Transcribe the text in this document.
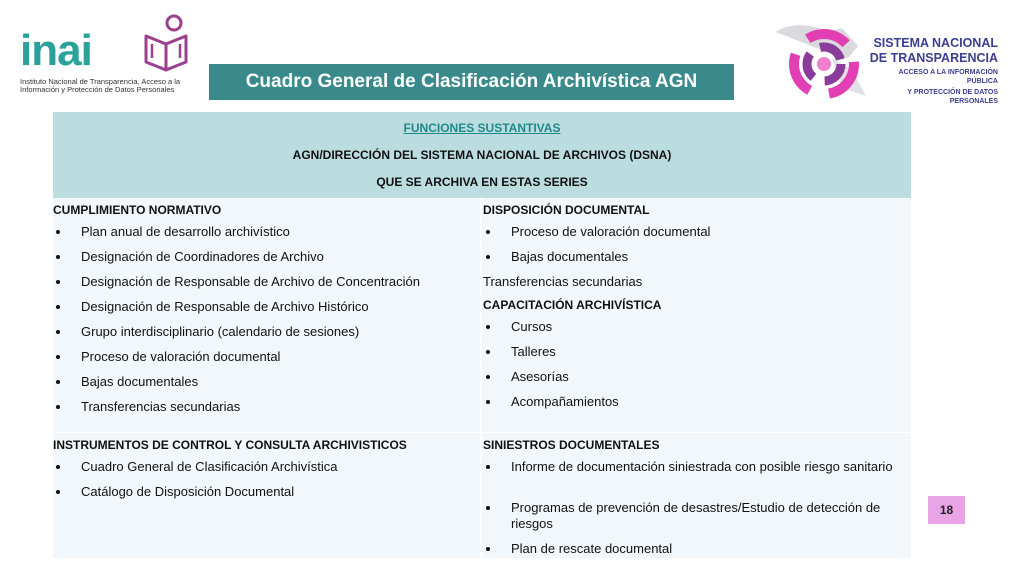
inai
Instituto Nacional de Transparencia, Acceso a la
Información y Protección de Datos Personales	Cuadro General de Clasificación Archivística AGN
SISTEMA NACIONAL
DE TRANSPARENCIA
ACCESO A LA INFORMACIÓN PÚBLICA
Y PROTECCIÓN DE DATOS PERSONALES
FUNCIONES SUSTANTIVAS
AGN/DIRECCIÓN DEL SISTEMA NACIONAL DE ARCHIVOS (DSNA)
QUE SE ARCHIVA EN ESTAS SERIES
CUMPLIMIENTO NORMATIVO
Plan anual de desarrollo archivístico
Designación de Coordinadores de Archivo
Designación de Responsable de Archivo de Concentración
Designación de Responsable de Archivo Histórico
Grupo interdisciplinario (calendario de sesiones)
Proceso de valoración documental
Bajas documentales
Transferencias secundarias
DISPOSICIÓN DOCUMENTAL
Proceso de valoración documental
Bajas documentales
Transferencias secundarias
CAPACITACIÓN ARCHIVÍSTICA
Cursos
Talleres
Asesorías
Acompañamientos
INSTRUMENTOS DE CONTROL Y CONSULTA ARCHIVISTICOS
Cuadro General de Clasificación Archivística
Catálogo de Disposición Documental
SINIESTROS DOCUMENTALES
Informe de documentación siniestrada con posible riesgo sanitario
Programas de prevención de desastres/Estudio de detección de riesgos
Plan de rescate documental
18
